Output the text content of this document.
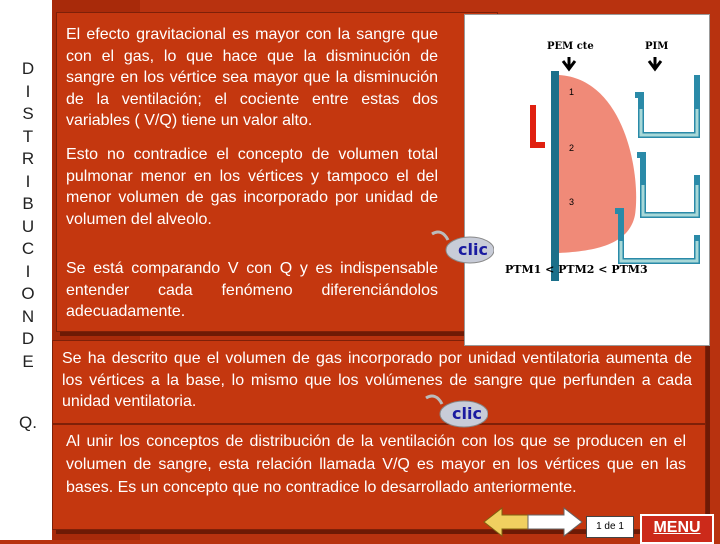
D
I
S
T
R
I
B
U
C
I
O
N
D
E
Q.
El efecto gravitacional es mayor con la sangre que con el gas, lo que hace que la disminución de sangre en los vértice sea mayor que la disminución de la ventilación; el cociente entre estas dos variables ( V/Q) tiene un valor alto.
Esto no contradice el concepto de volumen total pulmonar menor en los vértices y tampoco el del menor volumen de gas incorporado por unidad de volumen del alveolo.
Se está comparando V con Q y es indispensable entender cada fenómeno diferenciándolos adecuadamente.
Se ha descrito que el volumen de gas incorporado por unidad ventilatoria aumenta de los vértices a la base, lo mismo que los volúmenes de sangre que perfunden a cada unidad ventilatoria.
Al unir los conceptos de distribución de la ventilación con los que se producen en el volumen de sangre, esta relación llamada V/Q es mayor en los vértices que en las bases. Es un concepto que no contradice lo desarrollado anteriormente.
PEM cte	PIM
1
2
3
PTM1 < PTM2 < PTM3
clic
clic
1 de 1	MENU
